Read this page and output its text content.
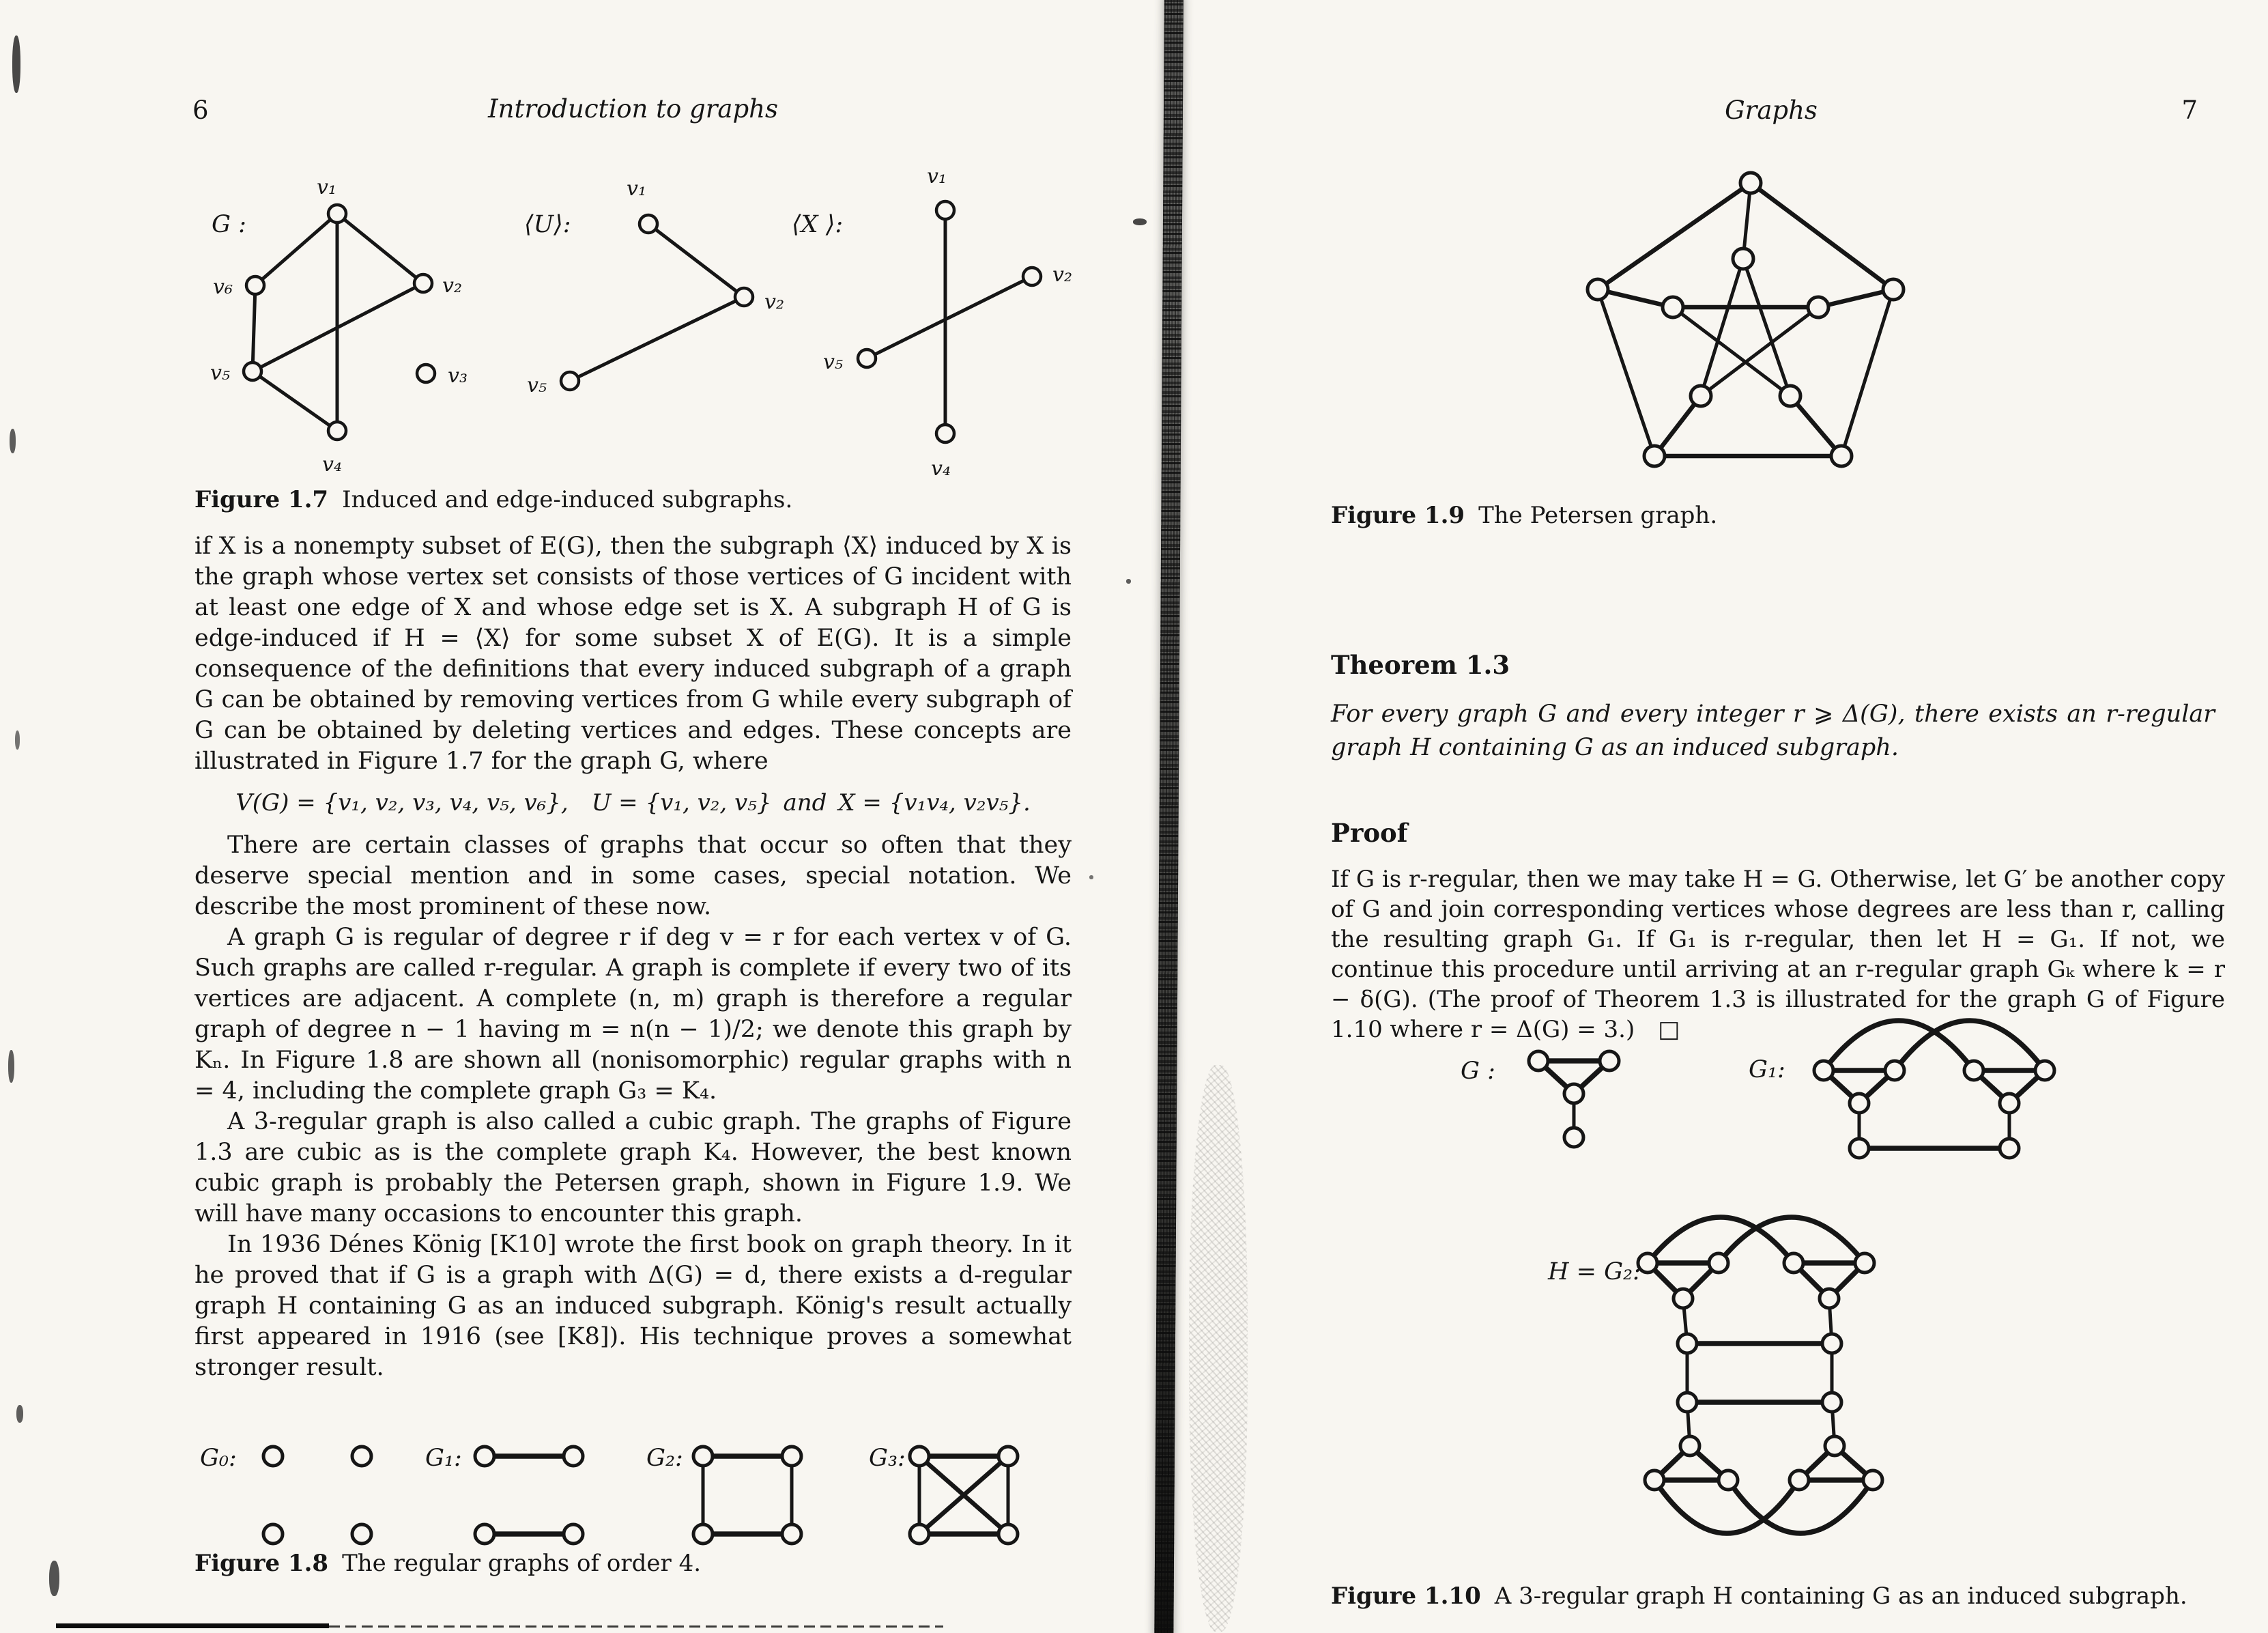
6	Introduction to graphs
G :
v₁
v₆	v₂
v₅	v₃
v₄
⟨U⟩:
v₁
v₂
v₅
⟨X ⟩:
v₁
v₂
v₅
v₄
Figure 1.7 Induced and edge-induced subgraphs.

if X is a nonempty subset of E(G), then the subgraph ⟨X⟩ induced by X is the graph whose vertex set consists of those vertices of G incident with at least one edge of X and whose edge set is X. A subgraph H of G is edge-induced if H = ⟨X⟩ for some subset X of E(G). It is a simple consequence of the definitions that every induced subgraph of a graph G can be obtained by removing vertices from G while every subgraph of G can be obtained by deleting vertices and edges. These concepts are illustrated in Figure 1.7 for the graph G, where

V(G) = {v₁, v₂, v₃, v₄, v₅, v₆}, U = {v₁, v₂, v₅} and X = {v₁v₄, v₂v₅}.

There are certain classes of graphs that occur so often that they deserve special mention and in some cases, special notation. We describe the most prominent of these now.

A graph G is regular of degree r if deg v = r for each vertex v of G. Such graphs are called r-regular. A graph is complete if every two of its vertices are adjacent. A complete (n, m) graph is therefore a regular graph of degree n − 1 having m = n(n − 1)/2; we denote this graph by Kₙ. In Figure 1.8 are shown all (nonisomorphic) regular graphs with n = 4, including the complete graph G₃ = K₄.

A 3-regular graph is also called a cubic graph. The graphs of Figure 1.3 are cubic as is the complete graph K₄. However, the best known cubic graph is probably the Petersen graph, shown in Figure 1.9. We will have many occasions to encounter this graph.

In 1936 Dénes König [K10] wrote the first book on graph theory. In it he proved that if G is a graph with Δ(G) = d, there exists a d-regular graph H containing G as an induced subgraph. König's result actually first appeared in 1916 (see [K8]). His technique proves a somewhat stronger result.

G₀:	G₁:	G₂:	G₃:
Figure 1.8 The regular graphs of order 4.
Graphs	7
Figure 1.9 The Petersen graph.
Theorem 1.3
For every graph G and every integer r ⩾ Δ(G), there exists an r-regular graph H containing G as an induced subgraph.
Proof
If G is r-regular, then we may take H = G. Otherwise, let G′ be another copy of G and join corresponding vertices whose degrees are less than r, calling the resulting graph G₁. If G₁ is r-regular, then let H = G₁. If not, we continue this procedure until arriving at an r-regular graph Gₖ where k = r − δ(G). (The proof of Theorem 1.3 is illustrated for the graph G of Figure 1.10 where r = Δ(G) = 3.) □
G :	G₁:
H = G₂:
Figure 1.10 A 3-regular graph H containing G as an induced subgraph.
